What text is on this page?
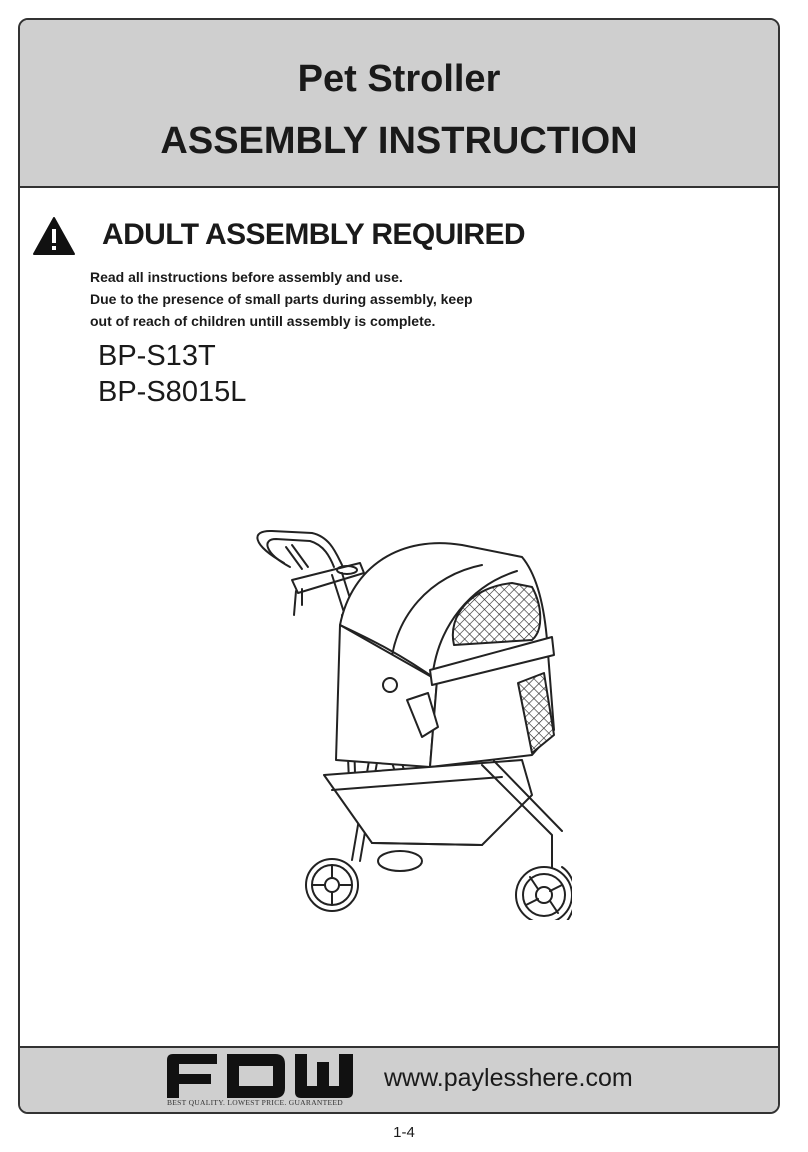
Pet Stroller
ASSEMBLY INSTRUCTION
ADULT ASSEMBLY REQUIRED
Read all instructions before assembly and use.
Due to the presence of small parts during assembly, keep
out of reach of children untill assembly is complete.
BP-S13T
BP-S8015L
BEST QUALITY. LOWEST PRICE. GUARANTEED
www.paylesshere.com
1-4
